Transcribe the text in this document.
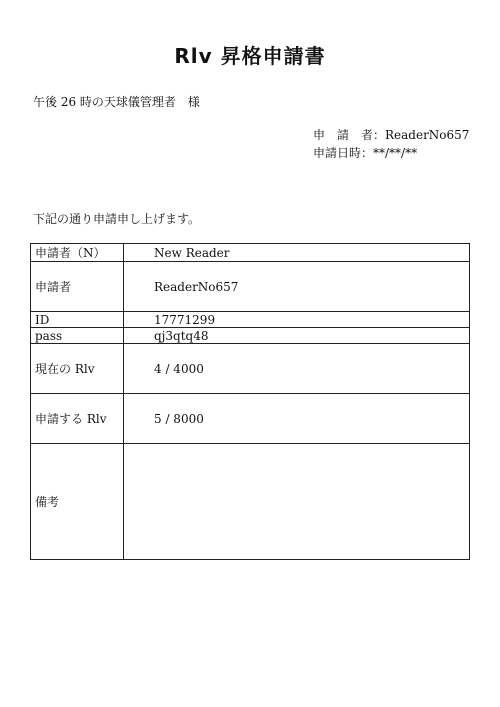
Rlv 昇格申請書
午後 26 時の天球儀管理者　様
申　請　者：ReaderNo657
申請日時：**/**/**
下記の通り申請申し上げます。
申請者（N）	New Reader
申請者	ReaderNo657
ID	17771299
pass	qj3qtq48
現在の Rlv	4 / 4000
申請する Rlv	5 / 8000
備考	
